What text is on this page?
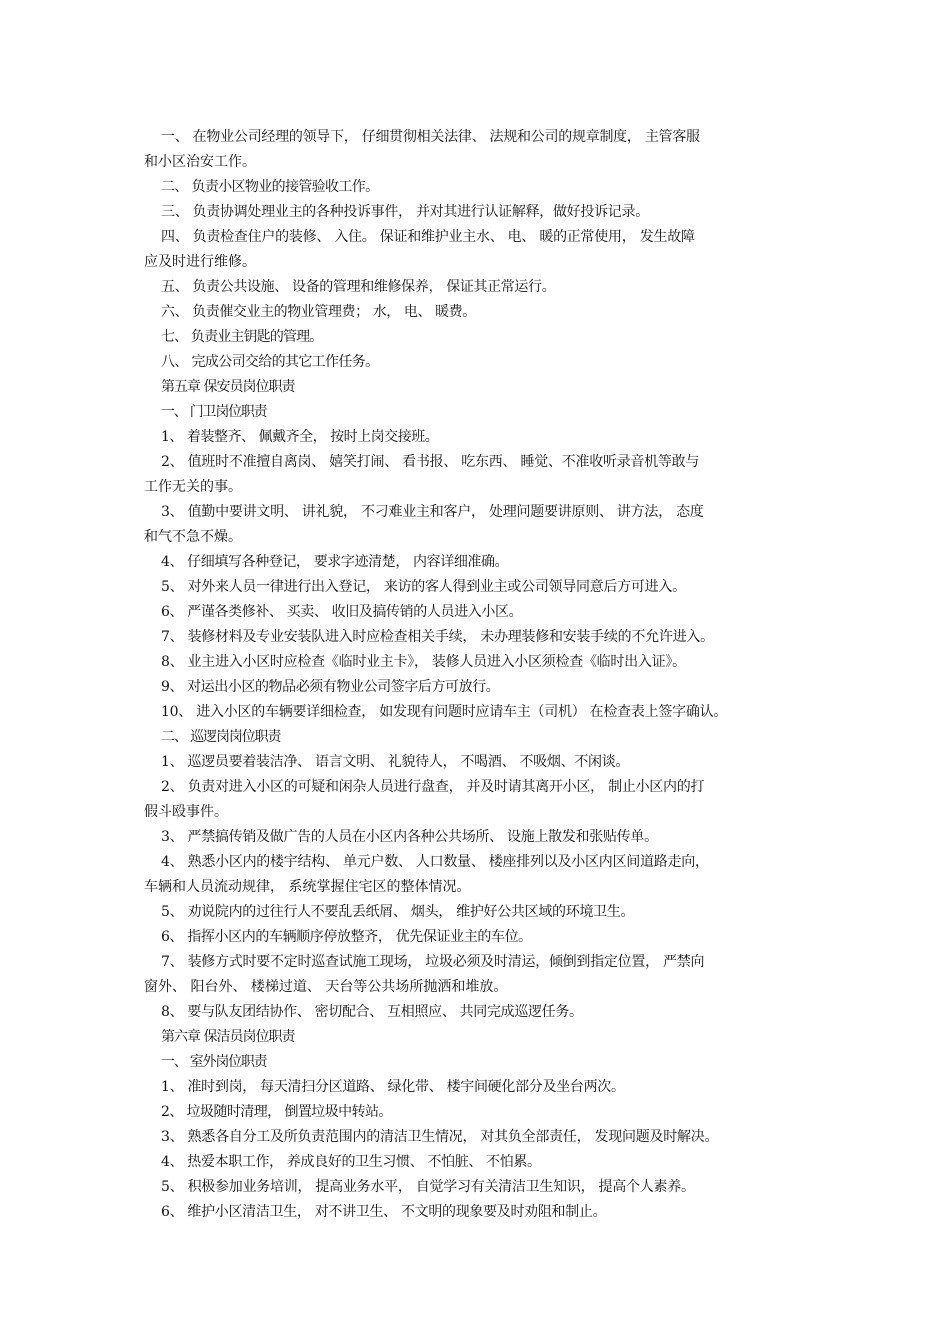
一、 在物业公司经理的领导下， 仔细贯彻相关法律、 法规和公司的规章制度， 主管客服
和小区治安工作。
二、 负责小区物业的接管验收工作。
三、 负责协调处理业主的各种投诉事件， 并对其进行认证解释，做好投诉记录。
四、 负责检查住户的装修、 入住。 保证和维护业主水、 电、 暖的正常使用， 发生故障
应及时进行维修。
五、 负责公共设施、 设备的管理和维修保养， 保证其正常运行。
六、 负责催交业主的物业管理费； 水， 电、 暖费。
七、 负责业主钥匙的管理。
八、 完成公司交给的其它工作任务。
第五章 保安员岗位职责
一、 门卫岗位职责
1、 着装整齐、 佩戴齐全， 按时上岗交接班。
2、 值班时不准擅自离岗、 嬉笑打闹、 看书报、 吃东西、 睡觉、不准收听录音机等敢与
工作无关的事。
3、 值勤中要讲文明、 讲礼貌， 不刁难业主和客户， 处理问题要讲原则、 讲方法， 态度
和气不急不燥。
4、 仔细填写各种登记， 要求字迹清楚， 内容详细准确。
5、 对外来人员一律进行出入登记， 来访的客人得到业主或公司领导同意后方可进入。
6、 严谨各类修补、 买卖、 收旧及搞传销的人员进入小区。
7、 装修材料及专业安装队进入时应检查相关手续， 未办理装修和安装手续的不允许进入。
8、 业主进入小区时应检查《临时业主卡》， 装修人员进入小区须检查《临时出入证》。
9、 对运出小区的物品必须有物业公司签字后方可放行。
10、 进入小区的车辆要详细检查， 如发现有问题时应请车主（司机） 在检查表上签字确认。
二、 巡逻岗岗位职责
1、 巡逻员要着装洁净、 语言文明、 礼貌待人， 不喝酒、 不吸烟、不闲谈。
2、 负责对进入小区的可疑和闲杂人员进行盘查， 并及时请其离开小区， 制止小区内的打
假斗殴事件。
3、 严禁搞传销及做广告的人员在小区内各种公共场所、 设施上散发和张贴传单。
4、 熟悉小区内的楼宇结构、 单元户数、 人口数量、 楼座排列以及小区内区间道路走向，
车辆和人员流动规律， 系统掌握住宅区的整体情况。
5、 劝说院内的过往行人不要乱丢纸屑、 烟头， 维护好公共区域的环境卫生。
6、 指挥小区内的车辆顺序停放整齐， 优先保证业主的车位。
7、 装修方式时要不定时巡查试施工现场， 垃圾必须及时清运，倾倒到指定位置， 严禁向
窗外、 阳台外、 楼梯过道、 天台等公共场所抛洒和堆放。
8、 要与队友团结协作、 密切配合、 互相照应、 共同完成巡逻任务。
第六章 保洁员岗位职责
一、 室外岗位职责
1、 准时到岗， 每天清扫分区道路、 绿化带、 楼宇间硬化部分及坐台两次。
2、 垃圾随时清理， 倒置垃圾中转站。
3、 熟悉各自分工及所负责范围内的清洁卫生情况， 对其负全部责任， 发现问题及时解决。
4、 热爱本职工作， 养成良好的卫生习惯、 不怕脏、 不怕累。
5、 积极参加业务培训， 提高业务水平， 自觉学习有关清洁卫生知识， 提高个人素养。
6、 维护小区清洁卫生， 对不讲卫生、 不文明的现象要及时劝阻和制止。
